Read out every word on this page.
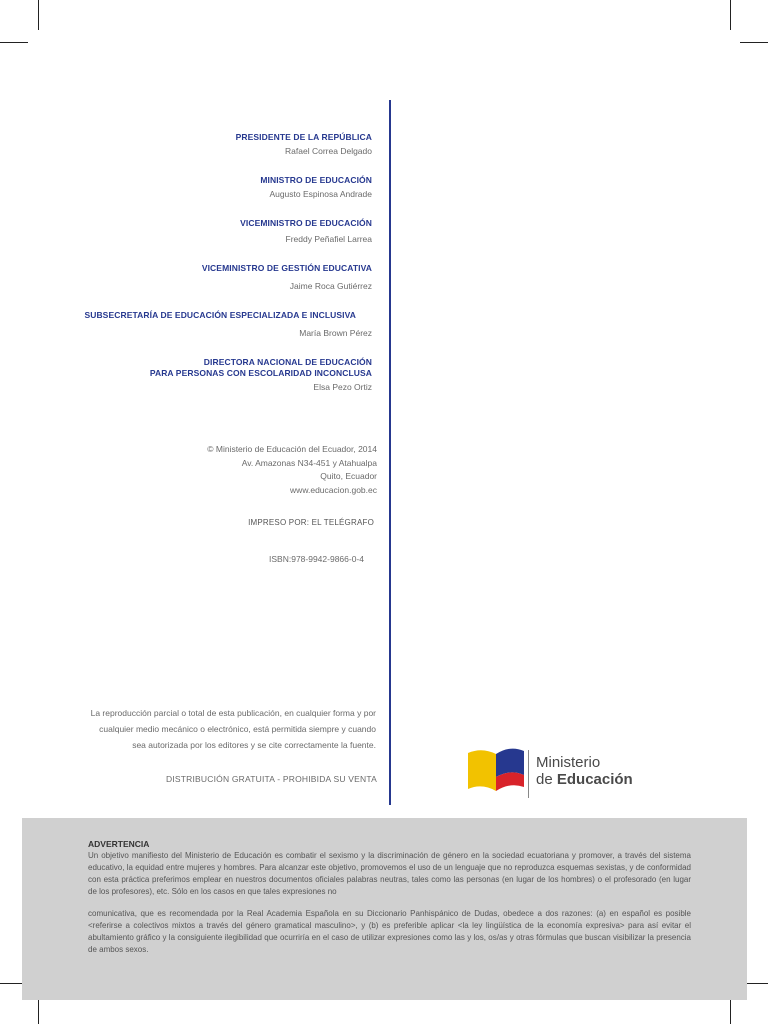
PRESIDENTE DE LA REPÚBLICA
Rafael Correa Delgado
MINISTRO DE EDUCACIÓN
Augusto Espinosa Andrade
VICEMINISTRO DE EDUCACIÓN
Freddy Peñafiel Larrea
VICEMINISTRO DE GESTIÓN EDUCATIVA
Jaime Roca Gutiérrez
SUBSECRETARÍA DE EDUCACIÓN ESPECIALIZADA E INCLUSIVA
María Brown Pérez
DIRECTORA NACIONAL DE EDUCACIÓN
PARA PERSONAS CON ESCOLARIDAD INCONCLUSA
Elsa Pezo Ortiz
© Ministerio de Educación del Ecuador, 2014
Av. Amazonas N34-451 y Atahualpa
Quito, Ecuador
www.educacion.gob.ec
IMPRESO POR: EL TELÉGRAFO
ISBN:978-9942-9866-0-4
La reproducción parcial o total de esta publicación, en cualquier forma y por
cualquier medio mecánico o electrónico, está permitida siempre y cuando
sea autorizada por los editores y se cite correctamente la fuente.
DISTRIBUCIÓN GRATUITA - PROHIBIDA SU VENTA
Ministerio
de Educación
ADVERTENCIA

Un objetivo manifiesto del Ministerio de Educación es combatir el sexismo y la discriminación de género en la sociedad ecuatoriana y promover, a través del sistema educativo, la equidad entre mujeres y hombres. Para alcanzar este objetivo, promovemos el uso de un lenguaje que no reproduzca esquemas sexistas, y de conformidad con esta práctica preferimos emplear en nuestros documentos oficiales palabras neutras, tales como las personas (en lugar de los hombres) o el profesorado (en lugar de los profesores), etc. Sólo en los casos en que tales expresiones no

comunicativa, que es recomendada por la Real Academia Española en su Diccionario Panhispánico de Dudas, obedece a dos razones: (a) en español es posible <referirse a colectivos mixtos a través del género gramatical masculino>, y (b) es preferible aplicar <la ley lingüística de la economía expresiva> para así evitar el abultamiento gráfico y la consiguiente ilegibilidad que ocurriría en el caso de utilizar expresiones como las y los, os/as y otras fórmulas que buscan visibilizar la presencia de ambos sexos.
